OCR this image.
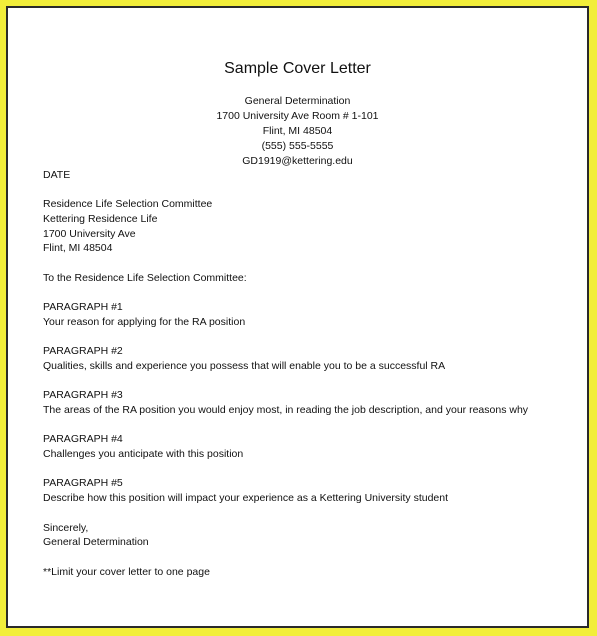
Sample Cover Letter
General Determination
1700 University Ave Room # 1-101
Flint, MI 48504
(555) 555-5555
GD1919@kettering.edu
DATE
Residence Life Selection Committee
Kettering Residence Life
1700 University Ave
Flint, MI 48504
To the Residence Life Selection Committee:
PARAGRAPH #1
Your reason for applying for the RA position
PARAGRAPH #2
Qualities, skills and experience you possess that will enable you to be a successful RA
PARAGRAPH #3
The areas of the RA position you would enjoy most, in reading the job description, and your reasons why
PARAGRAPH #4
Challenges you anticipate with this position
PARAGRAPH #5
Describe how this position will impact your experience as a Kettering University student
Sincerely,
General Determination
**Limit your cover letter to one page
